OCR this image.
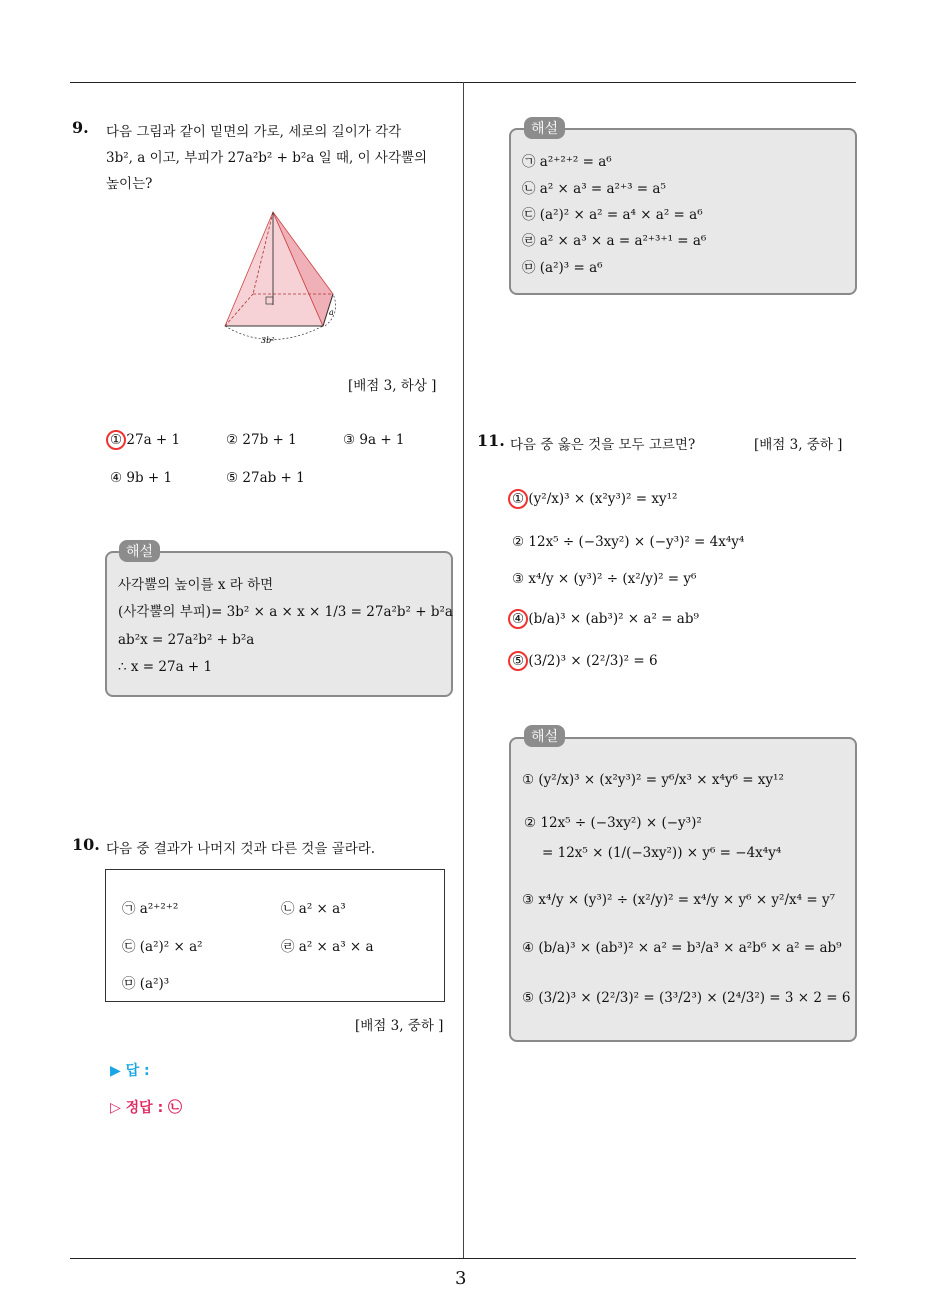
3
9. 다음 그림과 같이 밑면의 가로, 세로의 길이가 각각
3b², a 이고, 부피가 27a²b² + b²a 일 때, 이 사각뿔의
높이는?
3b²
a
[배점 3, 하상 ]
① 27a + 1	② 27b + 1	③ 9a + 1
④ 9b + 1	⑤ 27ab + 1
해설
사각뿔의 높이를 x 라 하면
(사각뿔의 부피)= 3b² × a × x × 1/3 = 27a²b² + b²a
ab²x = 27a²b² + b²a
∴ x = 27a + 1
10. 다음 중 결과가 나머지 것과 다른 것을 골라라.
㉠ a²⁺²⁺²	㉡ a² × a³
㉢ (a²)² × a²	㉣ a² × a³ × a
㉤ (a²)³
[배점 3, 중하 ]
▶ 답 :
▷ 정답 : ㉡
해설
㉠ a²⁺²⁺² = a⁶
㉡ a² × a³ = a²⁺³ = a⁵
㉢ (a²)² × a² = a⁴ × a² = a⁶
㉣ a² × a³ × a = a²⁺³⁺¹ = a⁶
㉤ (a²)³ = a⁶
11. 다음 중 옳은 것을 모두 고르면?	[배점 3, 중하 ]
① (y²/x)³ × (x²y³)² = xy¹²
② 12x⁵ ÷ (−3xy²) × (−y³)² = 4x⁴y⁴
③ x⁴/y × (y³)² ÷ (x²/y)² = y⁶
④ (b/a)³ × (ab³)² × a² = ab⁹
⑤ (3/2)³ × (2²/3)² = 6
해설
① (y²/x)³ × (x²y³)² = y⁶/x³ × x⁴y⁶ = xy¹²
② 12x⁵ ÷ (−3xy²) × (−y³)²
= 12x⁵ × (1/(−3xy²)) × y⁶ = −4x⁴y⁴
③ x⁴/y × (y³)² ÷ (x²/y)² = x⁴/y × y⁶ × y²/x⁴ = y⁷
④ (b/a)³ × (ab³)² × a² = b³/a³ × a²b⁶ × a² = ab⁹
⑤ (3/2)³ × (2²/3)² = (3³/2³) × (2⁴/3²) = 3 × 2 = 6
